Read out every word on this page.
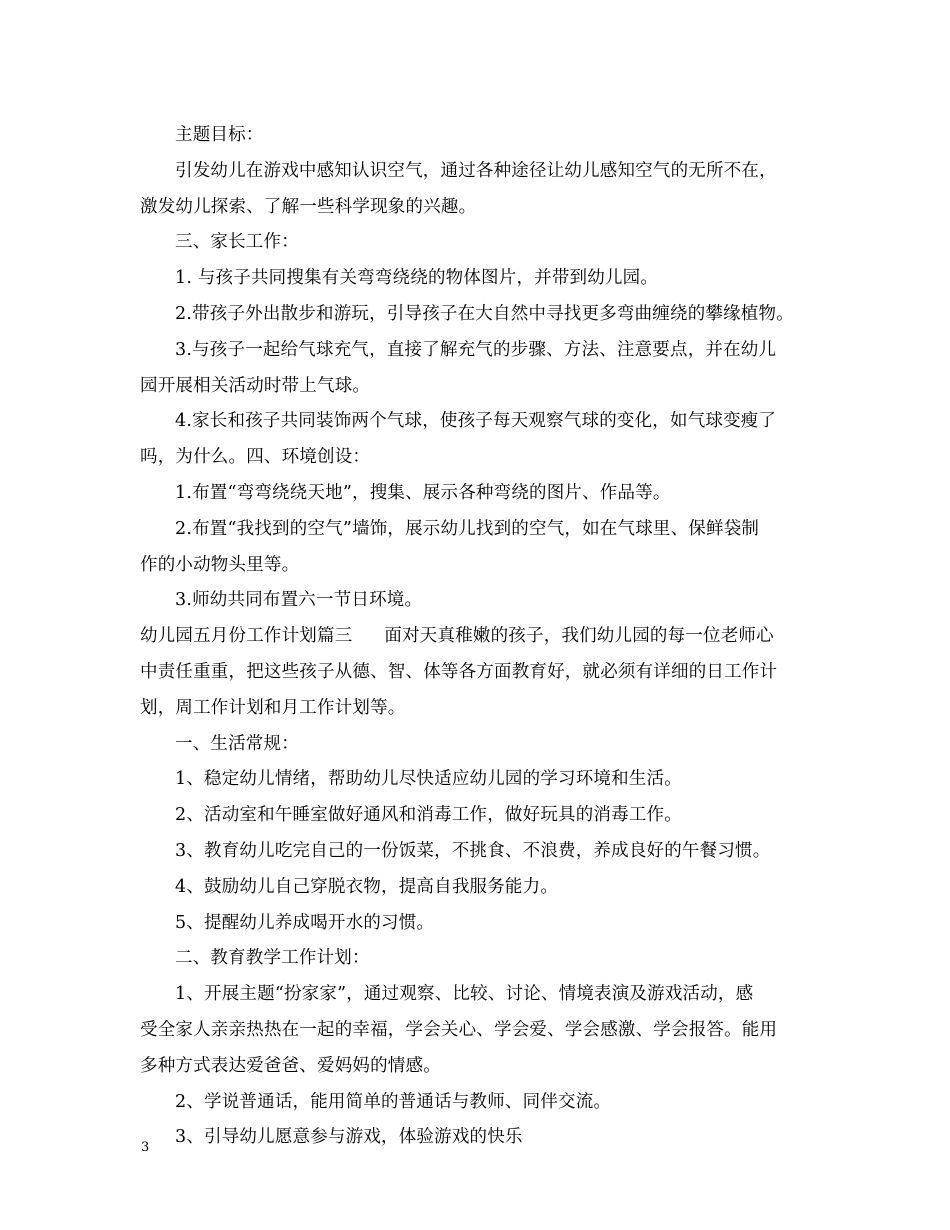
主题目标：
引发幼儿在游戏中感知认识空气，通过各种途径让幼儿感知空气的无所不在，
激发幼儿探索、了解一些科学现象的兴趣。
三、家长工作：
1. 与孩子共同搜集有关弯弯绕绕的物体图片，并带到幼儿园。
2.带孩子外出散步和游玩，引导孩子在大自然中寻找更多弯曲缠绕的攀缘植物。
3.与孩子一起给气球充气，直接了解充气的步骤、方法、注意要点，并在幼儿
园开展相关活动时带上气球。
4.家长和孩子共同装饰两个气球，使孩子每天观察气球的变化，如气球变瘦了
吗，为什么。四、环境创设：
1.布置“弯弯绕绕天地”，搜集、展示各种弯绕的图片、作品等。
2.布置“我找到的空气”墙饰，展示幼儿找到的空气，如在气球里、保鲜袋制
作的小动物头里等。
3.师幼共同布置六一节日环境。
幼儿园五月份工作计划篇三 面对天真稚嫩的孩子，我们幼儿园的每一位老师心
中责任重重，把这些孩子从德、智、体等各方面教育好，就必须有详细的日工作计
划，周工作计划和月工作计划等。
一、生活常规：
1、稳定幼儿情绪，帮助幼儿尽快适应幼儿园的学习环境和生活。
2、活动室和午睡室做好通风和消毒工作，做好玩具的消毒工作。
3、教育幼儿吃完自己的一份饭菜，不挑食、不浪费，养成良好的午餐习惯。
4、鼓励幼儿自己穿脱衣物，提高自我服务能力。
5、提醒幼儿养成喝开水的习惯。
二、教育教学工作计划：
1、开展主题“扮家家”，通过观察、比较、讨论、情境表演及游戏活动，感
受全家人亲亲热热在一起的幸福，学会关心、学会爱、学会感激、学会报答。能用
多种方式表达爱爸爸、爱妈妈的情感。
2、学说普通话，能用简单的普通话与教师、同伴交流。
3、引导幼儿愿意参与游戏，体验游戏的快乐
3
